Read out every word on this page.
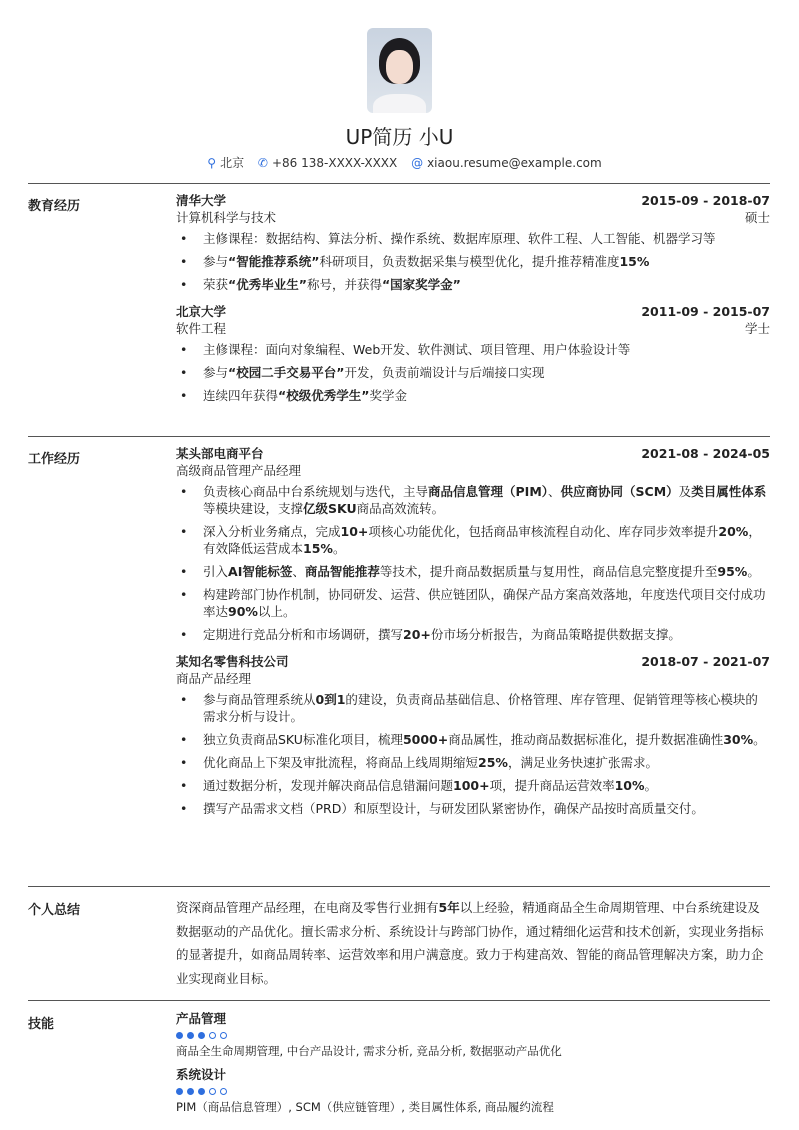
UP简历 小U
⚲ 北京 ✆ +86 138-XXXX-XXXX @ xiaou.resume@example.com
教育经历	清华大学	2015-09 - 2018-07
计算机科学与技术	硕士
• 主修课程：数据结构、算法分析、操作系统、数据库原理、软件工程、人工智能、机器学习等
• 参与“智能推荐系统”科研项目，负责数据采集与模型优化，提升推荐精准度15%
• 荣获“优秀毕业生”称号，并获得“国家奖学金”
北京大学	2011-09 - 2015-07
软件工程	学士
• 主修课程：面向对象编程、Web开发、软件测试、项目管理、用户体验设计等
• 参与“校园二手交易平台”开发，负责前端设计与后端接口实现
• 连续四年获得“校级优秀学生”奖学金
工作经历	某头部电商平台	2021-08 - 2024-05
高级商品管理产品经理
• 负责核心商品中台系统规划与迭代，主导商品信息管理（PIM）、供应商协同（SCM）及类目属性体系等模块建设，支撑亿级SKU商品高效流转。
• 深入分析业务痛点，完成10+项核心功能优化，包括商品审核流程自动化、库存同步效率提升20%，有效降低运营成本15%。
• 引入AI智能标签、商品智能推荐等技术，提升商品数据质量与复用性，商品信息完整度提升至95%。
• 构建跨部门协作机制，协同研发、运营、供应链团队，确保产品方案高效落地，年度迭代项目交付成功率达90%以上。
• 定期进行竞品分析和市场调研，撰写20+份市场分析报告，为商品策略提供数据支撑。
某知名零售科技公司	2018-07 - 2021-07
商品产品经理
• 参与商品管理系统从0到1的建设，负责商品基础信息、价格管理、库存管理、促销管理等核心模块的需求分析与设计。
• 独立负责商品SKU标准化项目，梳理5000+商品属性，推动商品数据标准化，提升数据准确性30%。
• 优化商品上下架及审批流程，将商品上线周期缩短25%，满足业务快速扩张需求。
• 通过数据分析，发现并解决商品信息错漏问题100+项，提升商品运营效率10%。
• 撰写产品需求文档（PRD）和原型设计，与研发团队紧密协作，确保产品按时高质量交付。
个人总结	资深商品管理产品经理，在电商及零售行业拥有5年以上经验，精通商品全生命周期管理、中台系统建设及数据驱动的产品优化。擅长需求分析、系统设计与跨部门协作，通过精细化运营和技术创新，实现业务指标的显著提升，如商品周转率、运营效率和用户满意度。致力于构建高效、智能的商品管理解决方案，助力企业实现商业目标。
技能	产品管理
商品全生命周期管理, 中台产品设计, 需求分析, 竞品分析, 数据驱动产品优化
系统设计
PIM（商品信息管理）, SCM（供应链管理）, 类目属性体系, 商品履约流程
